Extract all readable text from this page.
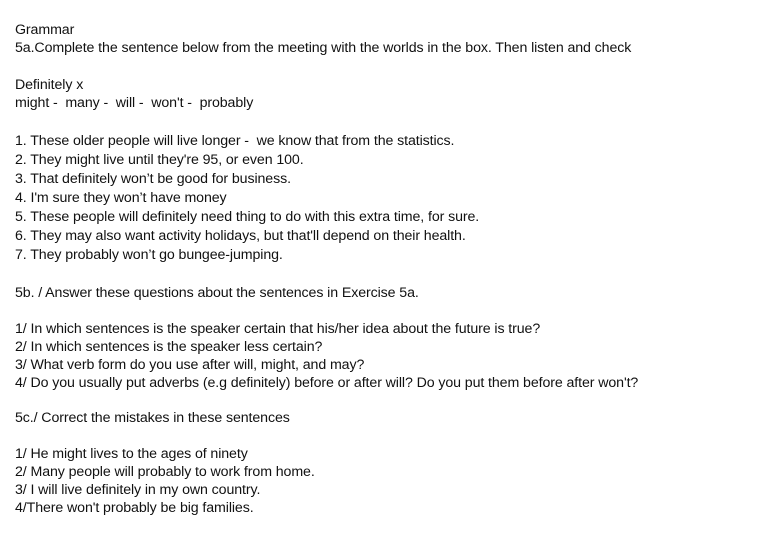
Grammar
5a.Complete the sentence below from the meeting with the worlds in the box. Then listen and check
Definitely x
might -  many -  will -  won't -  probably
1. These older people will live longer -  we know that from the statistics.
2. They might live until they're 95, or even 100.
3. That definitely won’t be good for business.
4. I'm sure they won’t have money
5. These people will definitely need thing to do with this extra time, for sure.
6. They may also want activity holidays, but that'll depend on their health.
7. They probably won’t go bungee-jumping.
5b. / Answer these questions about the sentences in Exercise 5a.
1/ In which sentences is the speaker certain that his/her idea about the future is true?
2/ In which sentences is the speaker less certain?
3/ What verb form do you use after will, might, and may?
4/ Do you usually put adverbs (e.g definitely) before or after will? Do you put them before after won't?
5c./ Correct the mistakes in these sentences
1/ He might lives to the ages of ninety
2/ Many people will probably to work from home.
3/ I will live definitely in my own country.
4/There won't probably be big families.
